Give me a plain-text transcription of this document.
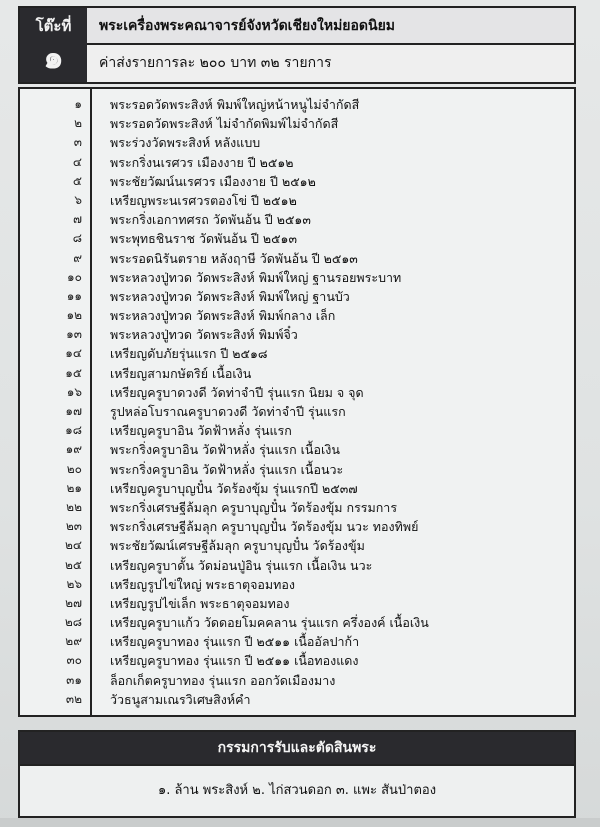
โต๊ะที่
๑
พระเครื่องพระคณาจารย์จังหวัดเชียงใหม่ยอดนิยม
ค่าส่งรายการละ ๒๐๐ บาท ๓๒ รายการ
๑ พระรอดวัดพระสิงห์ พิมพ์ใหญ่หน้าหนูไม่จำกัดสี
๒ พระรอดวัดพระสิงห์ ไม่จำกัดพิมพ์ไม่จำกัดสี
๓ พระร่วงวัดพระสิงห์ หลังแบบ
๔ พระกริ่งนเรศวร เมืองงาย ปี ๒๕๑๒
๕ พระชัยวัฒน์นเรศวร เมืองงาย ปี ๒๕๑๒
๖ เหรียญพระนเรศวรตองโข่ ปี ๒๕๑๒
๗ พระกริ่งเอกาทศรถ วัดพันอ้น ปี ๒๕๑๓
๘ พระพุทธชินราช วัดพันอ้น ปี ๒๕๑๓
๙ พระรอดนิรันตราย หลังฤาษี วัดพันอ้น ปี ๒๕๑๓
๑๐ พระหลวงปู่ทวด วัดพระสิงห์ พิมพ์ใหญ่ ฐานรอยพระบาท
๑๑ พระหลวงปู่ทวด วัดพระสิงห์ พิมพ์ใหญ่ ฐานบัว
๑๒ พระหลวงปู่ทวด วัดพระสิงห์ พิมพ์กลาง เล็ก
๑๓ พระหลวงปู่ทวด วัดพระสิงห์ พิมพ์จิ๋ว
๑๔ เหรียญดับภัยรุ่นแรก ปี ๒๕๑๘
๑๕ เหรียญสามกษัตริย์ เนื้อเงิน
๑๖ เหรียญครูบาดวงดี วัดท่าจำปี รุ่นแรก นิยม จ จุด
๑๗ รูปหล่อโบราณครูบาดวงดี วัดท่าจำปี รุ่นแรก
๑๘ เหรียญครูบาอิน วัดฟ้าหลั่ง รุ่นแรก
๑๙ พระกริ่งครูบาอิน วัดฟ้าหลั่ง รุ่นแรก เนื้อเงิน
๒๐ พระกริ่งครูบาอิน วัดฟ้าหลั่ง รุ่นแรก เนื้อนวะ
๒๑ เหรียญครูบาบุญปั๋น วัดร้องขุ้ม รุ่นแรกปี ๒๕๓๗
๒๒ พระกริ่งเศรษฐีล้มลุก ครูบาบุญปั๋น วัดร้องขุ้ม กรรมการ
๒๓ พระกริ่งเศรษฐีล้มลุก ครูบาบุญปั๋น วัดร้องขุ้ม นวะ ทองทิพย์
๒๔ พระชัยวัฒน์เศรษฐีล้มลุก ครูบาบุญปั๋น วัดร้องขุ้ม
๒๕ เหรียญครูบาดั้น วัดม่อนปู่อิน รุ่นแรก เนื้อเงิน นวะ
๒๖ เหรียญรูปไข่ใหญ่ พระธาตุจอมทอง
๒๗ เหรียญรูปไข่เล็ก พระธาตุจอมทอง
๒๘ เหรียญครูบาแก้ว วัดดอยโมคคลาน รุ่นแรก ครึ่งองค์ เนื้อเงิน
๒๙ เหรียญครูบาทอง รุ่นแรก ปี ๒๕๑๑ เนื้ออัลปาก้า
๓๐ เหรียญครูบาทอง รุ่นแรก ปี ๒๕๑๑ เนื้อทองแดง
๓๑ ล็อกเก็ตครูบาทอง รุ่นแรก ออกวัดเมืองมาง
๓๒ วัวธนูสามเณรวิเศษสิงห์คำ
กรรมการรับและตัดสินพระ
๑. ล้าน พระสิงห์ ๒. ไก่สวนดอก ๓. แพะ สันป่าตอง
